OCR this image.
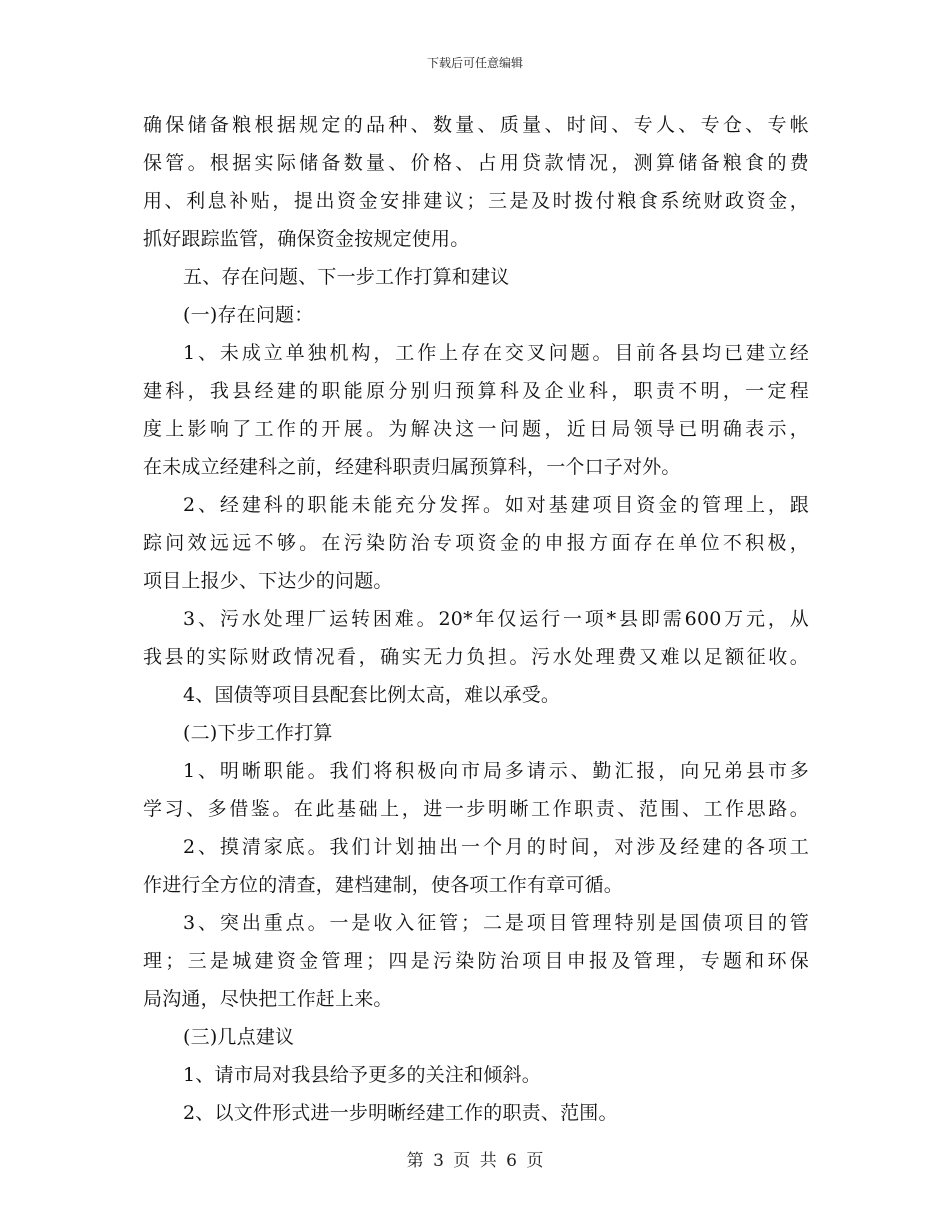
下载后可任意编辑
确保储备粮根据规定的品种、数量、质量、时间、专人、专仓、专帐
保管。根据实际储备数量、价格、占用贷款情况，测算储备粮食的费
用、利息补贴，提出资金安排建议；三是及时拨付粮食系统财政资金，
抓好跟踪监管，确保资金按规定使用。
五、存在问题、下一步工作打算和建议
(一)存在问题：
1、未成立单独机构，工作上存在交叉问题。目前各县均已建立经
建科，我县经建的职能原分别归预算科及企业科，职责不明，一定程
度上影响了工作的开展。为解决这一问题，近日局领导已明确表示，
在未成立经建科之前，经建科职责归属预算科，一个口子对外。
2、经建科的职能未能充分发挥。如对基建项目资金的管理上，跟
踪问效远远不够。在污染防治专项资金的申报方面存在单位不积极，
项目上报少、下达少的问题。
3、污水处理厂运转困难。20*年仅运行一项*县即需600万元，从
我县的实际财政情况看，确实无力负担。污水处理费又难以足额征收。
4、国债等项目县配套比例太高，难以承受。
(二)下步工作打算
1、明晰职能。我们将积极向市局多请示、勤汇报，向兄弟县市多
学习、多借鉴。在此基础上，进一步明晰工作职责、范围、工作思路。
2、摸清家底。我们计划抽出一个月的时间，对涉及经建的各项工
作进行全方位的清查，建档建制，使各项工作有章可循。
3、突出重点。一是收入征管；二是项目管理特别是国债项目的管
理；三是城建资金管理；四是污染防治项目申报及管理，专题和环保
局沟通，尽快把工作赶上来。
(三)几点建议
1、请市局对我县给予更多的关注和倾斜。
2、以文件形式进一步明晰经建工作的职责、范围。
第 3 页 共 6 页
